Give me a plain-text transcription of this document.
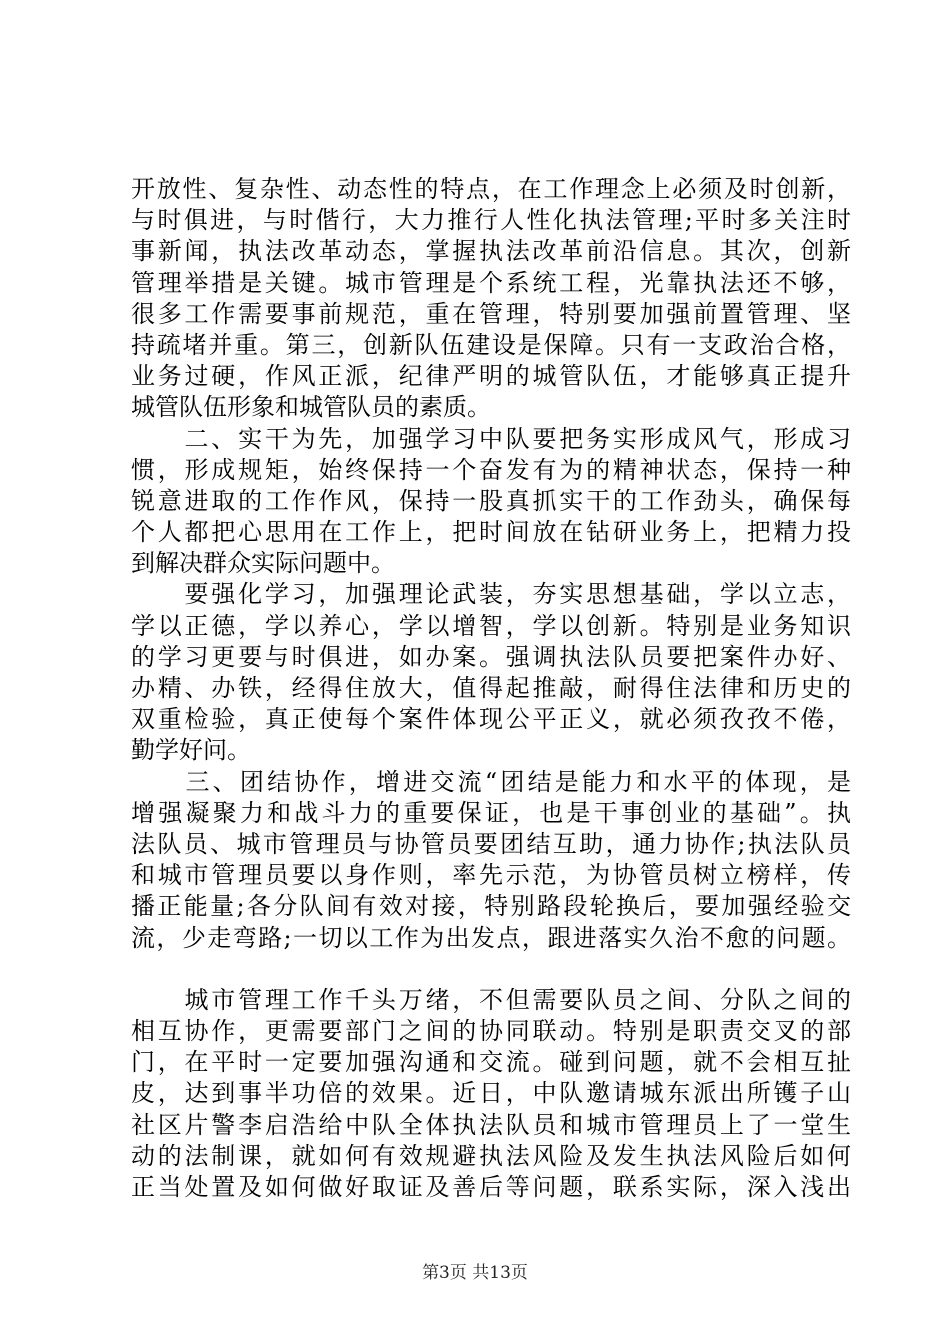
开放性、复杂性、动态性的特点，在工作理念上必须及时创新，
与时俱进，与时偕行，大力推行人性化执法管理;平时多关注时
事新闻，执法改革动态，掌握执法改革前沿信息。其次，创新
管理举措是关键。城市管理是个系统工程，光靠执法还不够，
很多工作需要事前规范，重在管理，特别要加强前置管理、坚
持疏堵并重。第三，创新队伍建设是保障。只有一支政治合格，
业务过硬，作风正派，纪律严明的城管队伍，才能够真正提升
城管队伍形象和城管队员的素质。
　　二、实干为先，加强学习中队要把务实形成风气，形成习
惯，形成规矩，始终保持一个奋发有为的精神状态，保持一种
锐意进取的工作作风，保持一股真抓实干的工作劲头，确保每
个人都把心思用在工作上，把时间放在钻研业务上，把精力投
到解决群众实际问题中。
　　要强化学习，加强理论武装，夯实思想基础，学以立志，
学以正德，学以养心，学以增智，学以创新。特别是业务知识
的学习更要与时俱进，如办案。强调执法队员要把案件办好、
办精、办铁，经得住放大，值得起推敲，耐得住法律和历史的
双重检验，真正使每个案件体现公平正义，就必须孜孜不倦，
勤学好问。
　　三、团结协作，增进交流“团结是能力和水平的体现，是
增强凝聚力和战斗力的重要保证，也是干事创业的基础”。执
法队员、城市管理员与协管员要团结互助，通力协作;执法队员
和城市管理员要以身作则，率先示范，为协管员树立榜样，传
播正能量;各分队间有效对接，特别路段轮换后，要加强经验交
流，少走弯路;一切以工作为出发点，跟进落实久治不愈的问题。
　　城市管理工作千头万绪，不但需要队员之间、分队之间的
相互协作，更需要部门之间的协同联动。特别是职责交叉的部
门，在平时一定要加强沟通和交流。碰到问题，就不会相互扯
皮，达到事半功倍的效果。近日，中队邀请城东派出所镬子山
社区片警李启浩给中队全体执法队员和城市管理员上了一堂生
动的法制课，就如何有效规避执法风险及发生执法风险后如何
正当处置及如何做好取证及善后等问题，联系实际，深入浅出
第3页 共13页
